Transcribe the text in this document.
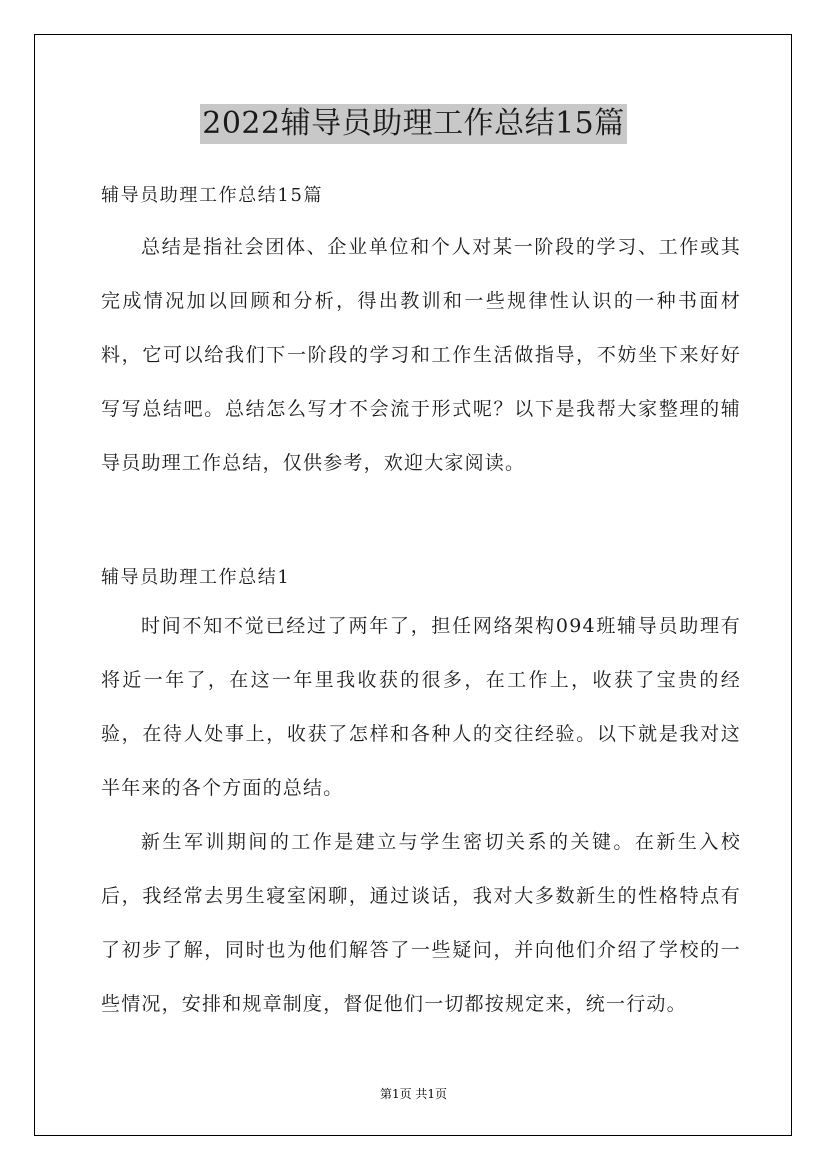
2022辅导员助理工作总结15篇

辅导员助理工作总结15篇

总结是指社会团体、企业单位和个人对某一阶段的学习、工作或其完成情况加以回顾和分析，得出教训和一些规律性认识的一种书面材料，它可以给我们下一阶段的学习和工作生活做指导，不妨坐下来好好写写总结吧。总结怎么写才不会流于形式呢？以下是我帮大家整理的辅导员助理工作总结，仅供参考，欢迎大家阅读。

辅导员助理工作总结1

时间不知不觉已经过了两年了，担任网络架构094班辅导员助理有将近一年了，在这一年里我收获的很多，在工作上，收获了宝贵的经验，在待人处事上，收获了怎样和各种人的交往经验。以下就是我对这半年来的各个方面的总结。

新生军训期间的工作是建立与学生密切关系的关键。在新生入校后，我经常去男生寝室闲聊，通过谈话，我对大多数新生的性格特点有了初步了解，同时也为他们解答了一些疑问，并向他们介绍了学校的一些情况，安排和规章制度，督促他们一切都按规定来，统一行动。

第1页 共1页
